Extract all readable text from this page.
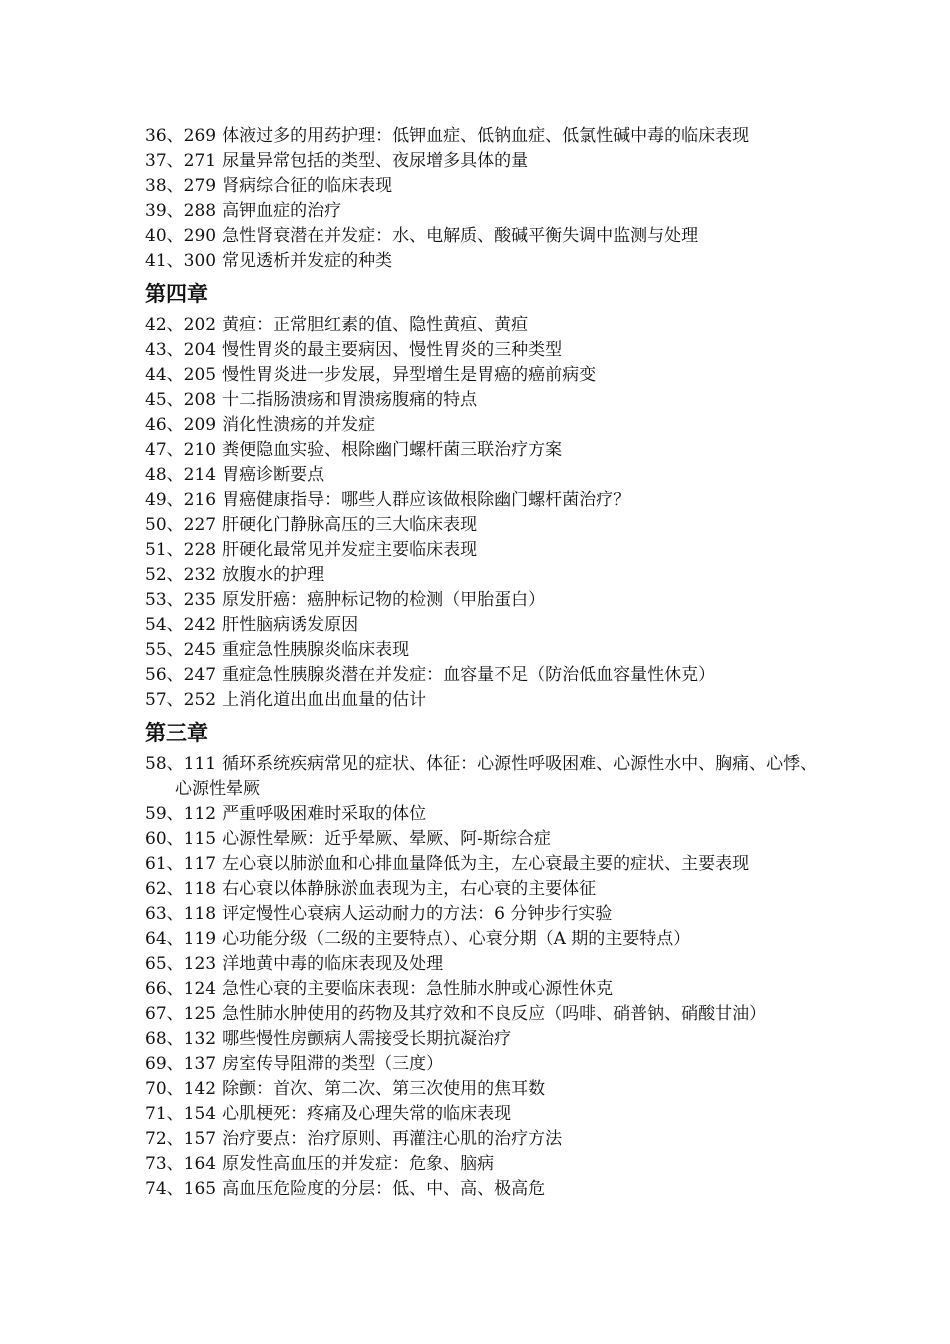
36、269 体液过多的用药护理：低钾血症、低钠血症、低氯性碱中毒的临床表现
37、271 尿量异常包括的类型、夜尿增多具体的量
38、279 肾病综合征的临床表现
39、288 高钾血症的治疗
40、290 急性肾衰潜在并发症：水、电解质、酸碱平衡失调中监测与处理
41、300 常见透析并发症的种类
第四章
42、202 黄疸：正常胆红素的值、隐性黄疸、黄疸
43、204 慢性胃炎的最主要病因、慢性胃炎的三种类型
44、205 慢性胃炎进一步发展，异型增生是胃癌的癌前病变
45、208 十二指肠溃疡和胃溃疡腹痛的特点
46、209 消化性溃疡的并发症
47、210 粪便隐血实验、根除幽门螺杆菌三联治疗方案
48、214 胃癌诊断要点
49、216 胃癌健康指导：哪些人群应该做根除幽门螺杆菌治疗？
50、227 肝硬化门静脉高压的三大临床表现
51、228 肝硬化最常见并发症主要临床表现
52、232 放腹水的护理
53、235 原发肝癌：癌肿标记物的检测（甲胎蛋白）
54、242 肝性脑病诱发原因
55、245 重症急性胰腺炎临床表现
56、247 重症急性胰腺炎潜在并发症：血容量不足（防治低血容量性休克）
57、252 上消化道出血出血量的估计
第三章
58、111 循环系统疾病常见的症状、体征：心源性呼吸困难、心源性水中、胸痛、心悸、心源性晕厥
59、112 严重呼吸困难时采取的体位
60、115 心源性晕厥：近乎晕厥、晕厥、阿-斯综合症
61、117 左心衰以肺淤血和心排血量降低为主，左心衰最主要的症状、主要表现
62、118 右心衰以体静脉淤血表现为主，右心衰的主要体征
63、118 评定慢性心衰病人运动耐力的方法：6 分钟步行实验
64、119 心功能分级（二级的主要特点）、心衰分期（A 期的主要特点）
65、123 洋地黄中毒的临床表现及处理
66、124 急性心衰的主要临床表现：急性肺水肿或心源性休克
67、125 急性肺水肿使用的药物及其疗效和不良反应（吗啡、硝普钠、硝酸甘油）
68、132 哪些慢性房颤病人需接受长期抗凝治疗
69、137 房室传导阻滞的类型（三度）
70、142 除颤：首次、第二次、第三次使用的焦耳数
71、154 心肌梗死：疼痛及心理失常的临床表现
72、157 治疗要点：治疗原则、再灌注心肌的治疗方法
73、164 原发性高血压的并发症：危象、脑病
74、165 高血压危险度的分层：低、中、高、极高危
